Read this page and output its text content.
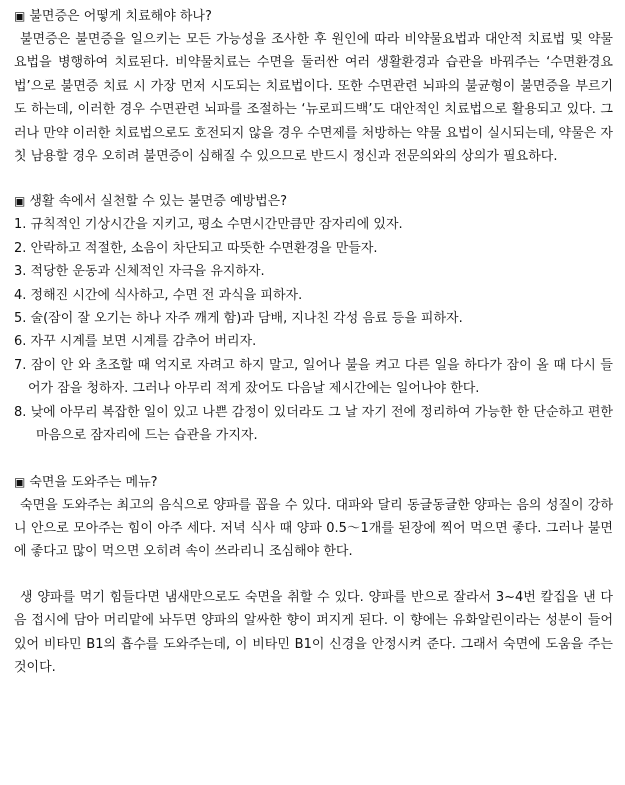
▣ 불면증은 어떻게 치료해야 하나?

불면증은 불면증을 일으키는 모든 가능성을 조사한 후 원인에 따라 비약물요법과 대안적 치료법 및 약물 요법을 병행하여 치료된다. 비약물치료는 수면을 둘러싼 여러 생활환경과 습관을 바꿔주는 ‘수면환경요법’으로 불면증 치료 시 가장 먼저 시도되는 치료법이다. 또한 수면관련 뇌파의 불균형이 불면증을 부르기도 하는데, 이러한 경우 수면관련 뇌파를 조절하는 ‘뉴로피드백’도 대안적인 치료법으로 활용되고 있다. 그러나 만약 이러한 치료법으로도 호전되지 않을 경우 수면제를 처방하는 약물 요법이 실시되는데, 약물은 자칫 남용할 경우 오히려 불면증이 심해질 수 있으므로 반드시 정신과 전문의와의 상의가 필요하다.

▣ 생활 속에서 실천할 수 있는 불면증 예방법은?
1. 규칙적인 기상시간을 지키고, 평소 수면시간만큼만 잠자리에 있자.
2. 안락하고 적절한, 소음이 차단되고 따뜻한 수면환경을 만들자.
3. 적당한 운동과 신체적인 자극을 유지하자.
4. 정해진 시간에 식사하고, 수면 전 과식을 피하자.
5. 술(잠이 잘 오기는 하나 자주 깨게 함)과 담배, 지나친 각성 음료 등을 피하자.
6. 자꾸 시계를 보면 시계를 감추어 버리자.
7. 잠이 안 와 초조할 때 억지로 자려고 하지 말고, 일어나 불을 켜고 다른 일을 하다가 잠이 올 때 다시 들어가 잠을 청하자. 그러나 아무리 적게 잤어도 다음날 제시간에는 일어나야 한다.
8. 낮에 아무리 복잡한 일이 있고 나쁜 감정이 있더라도 그 날 자기 전에 정리하여 가능한 한 단순하고 편한 마음으로 잠자리에 드는 습관을 가지자.
▣ 숙면을 도와주는 메뉴?

숙면을 도와주는 최고의 음식으로 양파를 꼽을 수 있다. 대파와 달리 동글동글한 양파는 음의 성질이 강하니 안으로 모아주는 힘이 아주 세다. 저녁 식사 때 양파 0.5～1개를 된장에 찍어 먹으면 좋다. 그러나 불면에 좋다고 많이 먹으면 오히려 속이 쓰라리니 조심해야 한다.

생 양파를 먹기 힘들다면 냄새만으로도 숙면을 취할 수 있다. 양파를 반으로 잘라서 3~4번 칼집을 낸 다음 접시에 담아 머리맡에 놔두면 양파의 알싸한 향이 퍼지게 된다. 이 향에는 유화알린이라는 성분이 들어 있어 비타민 B1의 흡수를 도와주는데, 이 비타민 B1이 신경을 안정시켜 준다. 그래서 숙면에 도움을 주는 것이다.
